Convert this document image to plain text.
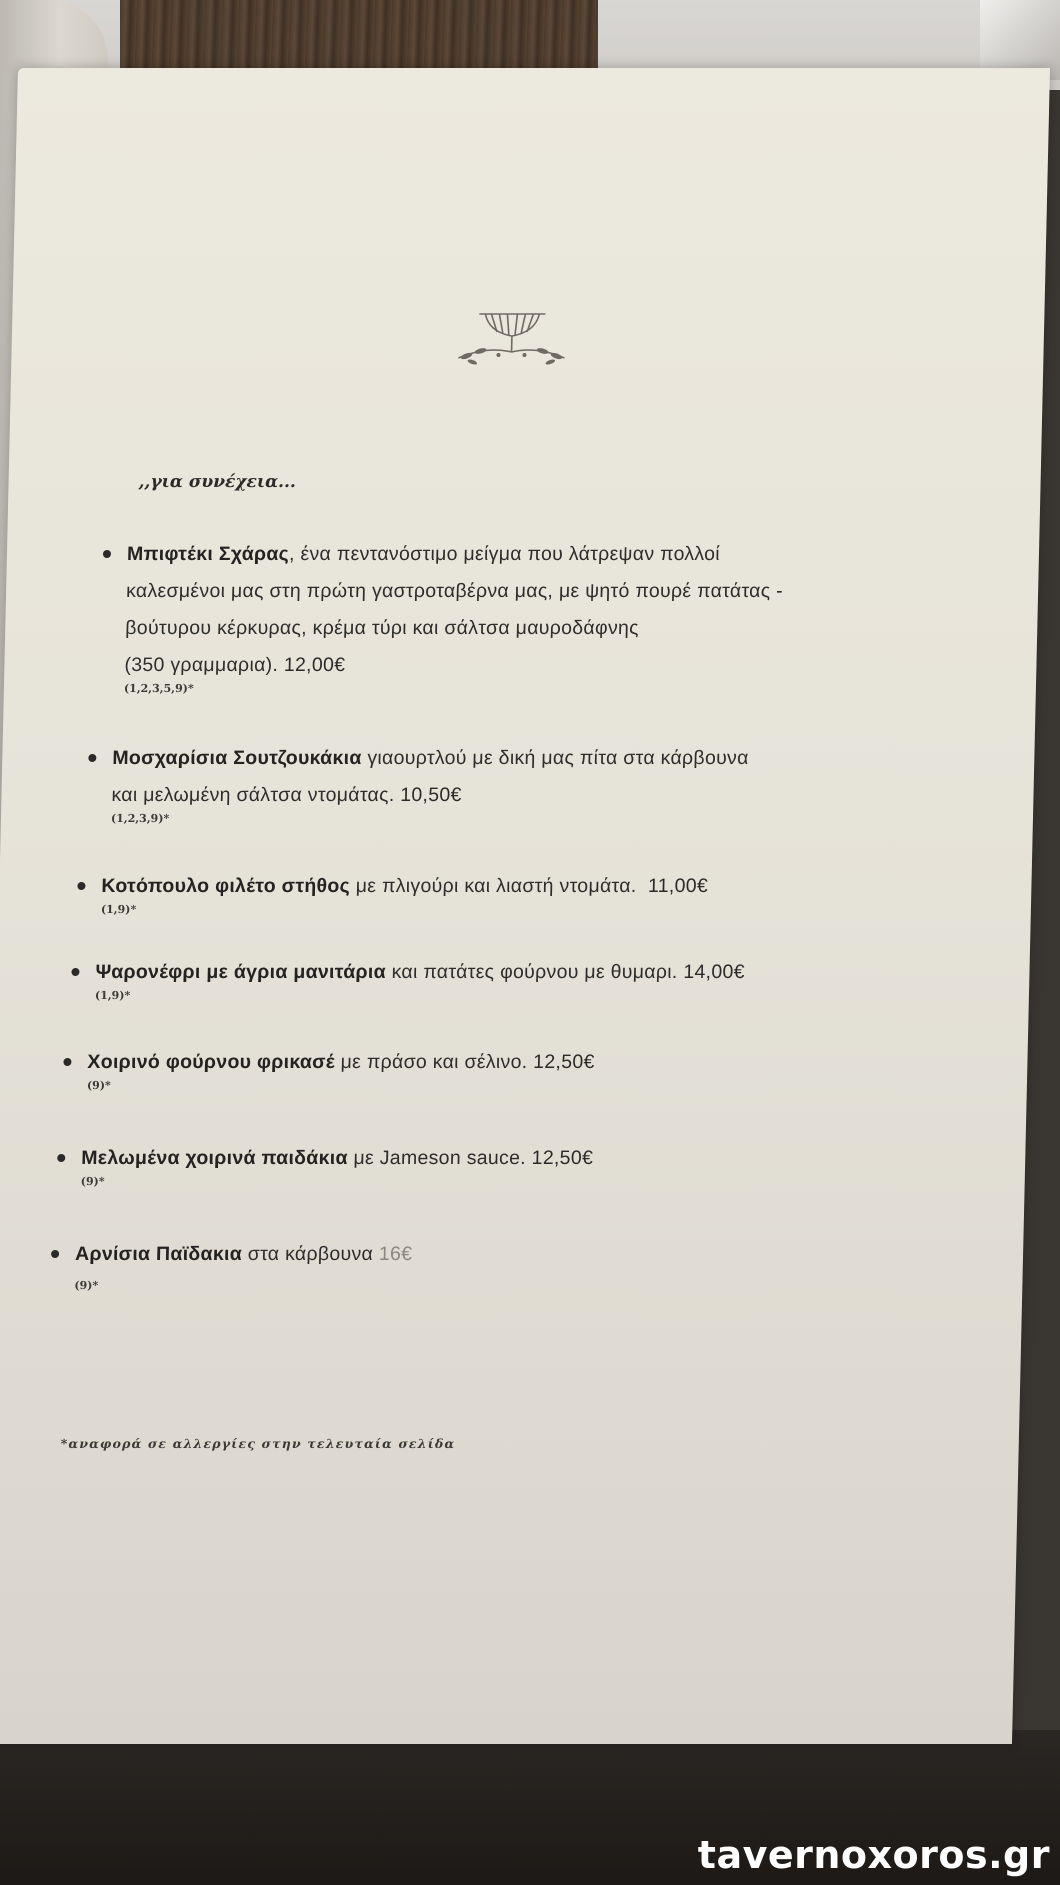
,,για συνέχεια...
Μπιφτέκι Σχάρας, ένα πεντανόστιμο μείγμα που λάτρεψαν πολλοί
καλεσμένοι μας στη πρώτη γαστροταβέρνα μας, με ψητό πουρέ πατάτας -
βούτυρου κέρκυρας, κρέμα τύρι και σάλτσα μαυροδάφνης
(350 γραμμαρια). 12,00€
(1,2,3,5,9)*
Μοσχαρίσια Σουτζουκάκια γιαουρτλού με δική μας πίτα στα κάρβουνα
και μελωμένη σάλτσα ντομάτας. 10,50€
(1,2,3,9)*
Κοτόπουλο φιλέτο στήθος με πλιγούρι και λιαστή ντομάτα. 11,00€
(1,9)*
Ψαρονέφρι με άγρια μανιτάρια και πατάτες φούρνου με θυμαρι. 14,00€
(1,9)*
Χοιρινό φούρνου φρικασέ με πράσο και σέλινο. 12,50€
(9)*
Μελωμένα χοιρινά παιδάκια με Jameson sauce. 12,50€
(9)*
Αρνίσια Παϊδακια στα κάρβουνα 16€
(9)*
*αναφορά σε αλλεργίες στην τελευταία σελίδα
tavernoxoros.gr
